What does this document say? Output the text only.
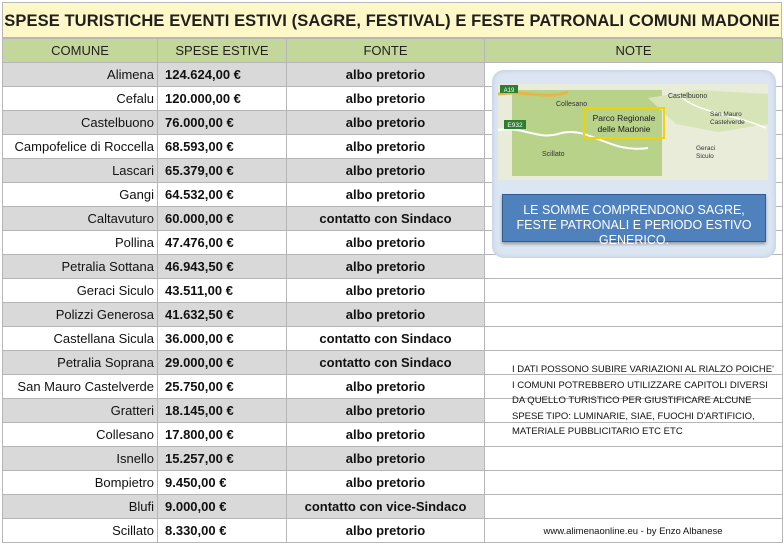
SPESE TURISTICHE EVENTI ESTIVI (SAGRE, FESTIVAL) E FESTE PATRONALI COMUNI MADONIE
COMUNE	SPESE ESTIVE	FONTE	NOTE
Alimena	124.624,00 €	albo pretorio	
Cefalu	120.000,00 €	albo pretorio	
Castelbuono	76.000,00 €	albo pretorio	
Campofelice di Roccella	68.593,00 €	albo pretorio	
Lascari	65.379,00 €	albo pretorio	
Gangi	64.532,00 €	albo pretorio	
Caltavuturo	60.000,00 €	contatto con Sindaco	
Pollina	47.476,00 €	albo pretorio	
Petralia Sottana	46.943,50 €	albo pretorio	
Geraci Siculo	43.511,00 €	albo pretorio	
Polizzi Generosa	41.632,50 €	albo pretorio	
Castellana Sicula	36.000,00 €	contatto con Sindaco	
Petralia Soprana	29.000,00 €	contatto con Sindaco	
San Mauro Castelverde	25.750,00 €	albo pretorio	
Gratteri	18.145,00 €	albo pretorio	
Collesano	17.800,00 €	albo pretorio	
Isnello	15.257,00 €	albo pretorio	
Bompietro	9.450,00 €	albo pretorio	
Blufi	9.000,00 €	contatto con vice-Sindaco	
Scillato	8.330,00 €	albo pretorio	
A19
E932
Parco Regionale
delle Madonie
Collesano
Castelbuono
San Mauro
Castelverde
Scillato
Geraci
Siculo
LE SOMME COMPRENDONO SAGRE, FESTE PATRONALI E PERIODO ESTIVO GENERICO.
I DATI POSSONO SUBIRE VARIAZIONI AL RIALZO POICHE' I COMUNI POTREBBERO UTILIZZARE CAPITOLI DIVERSI DA QUELLO TURISTICO PER GIUSTIFICARE ALCUNE SPESE TIPO: LUMINARIE, SIAE, FUOCHI D'ARTIFICIO, MATERIALE PUBBLICITARIO ETC ETC
www.alimenaonline.eu - by Enzo Albanese
